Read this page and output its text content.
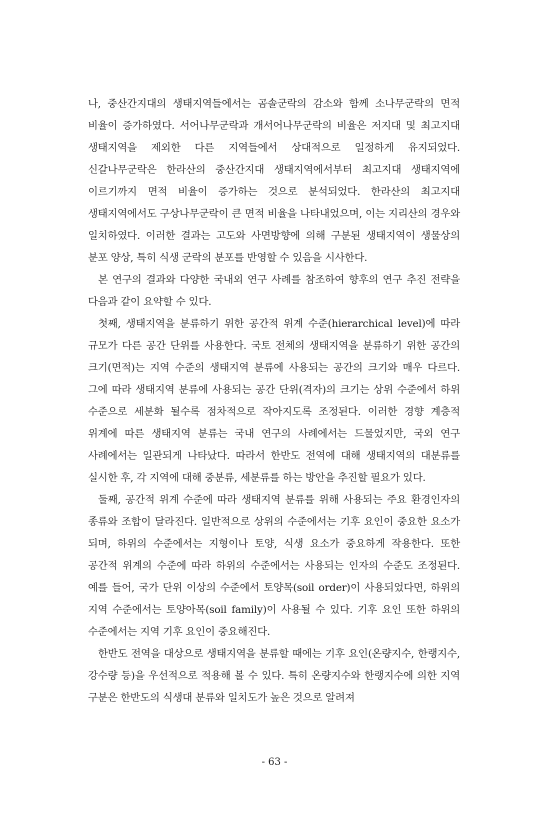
나, 중산간지대의 생태지역들에서는 곰솔군락의 감소와 함께 소나무군락의 면적 비율이 증가하였다. 서어나무군락과 개서어나무군락의 비율은 저지대 및 최고지대 생태지역을 제외한 다른 지역들에서 상대적으로 일정하게 유지되었다. 신갈나무군락은 한라산의 중산간지대 생태지역에서부터 최고지대 생태지역에 이르기까지 면적 비율이 증가하는 것으로 분석되었다. 한라산의 최고지대 생태지역에서도 구상나무군락이 큰 면적 비율을 나타내었으며, 이는 지리산의 경우와 일치하였다. 이러한 결과는 고도와 사면방향에 의해 구분된 생태지역이 생물상의 분포 양상, 특히 식생 군락의 분포를 반영할 수 있음을 시사한다.

본 연구의 결과와 다양한 국내외 연구 사례를 참조하여 향후의 연구 추진 전략을 다음과 같이 요약할 수 있다.

첫째, 생태지역을 분류하기 위한 공간적 위계 수준(hierarchical level)에 따라 규모가 다른 공간 단위를 사용한다. 국토 전체의 생태지역을 분류하기 위한 공간의 크기(면적)는 지역 수준의 생태지역 분류에 사용되는 공간의 크기와 매우 다르다. 그에 따라 생태지역 분류에 사용되는 공간 단위(격자)의 크기는 상위 수준에서 하위 수준으로 세분화 될수록 점차적으로 작아지도록 조정된다. 이러한 경향 계층적 위계에 따른 생태지역 분류는 국내 연구의 사례에서는 드물었지만, 국외 연구 사례에서는 일관되게 나타났다. 따라서 한반도 전역에 대해 생태지역의 대분류를 실시한 후, 각 지역에 대해 중분류, 세분류를 하는 방안을 추진할 필요가 있다.

둘째, 공간적 위계 수준에 따라 생태지역 분류를 위해 사용되는 주요 환경인자의 종류와 조합이 달라진다. 일반적으로 상위의 수준에서는 기후 요인이 중요한 요소가 되며, 하위의 수준에서는 지형이나 토양, 식생 요소가 중요하게 작용한다. 또한 공간적 위계의 수준에 따라 하위의 수준에서는 사용되는 인자의 수준도 조정된다. 예를 들어, 국가 단위 이상의 수준에서 토양목(soil order)이 사용되었다면, 하위의 지역 수준에서는 토양아목(soil family)이 사용될 수 있다. 기후 요인 또한 하위의 수준에서는 지역 기후 요인이 중요해진다.

한반도 전역을 대상으로 생태지역을 분류할 때에는 기후 요인(온량지수, 한랭지수, 강수량 등)을 우선적으로 적용해 볼 수 있다. 특히 온량지수와 한랭지수에 의한 지역 구분은 한반도의 식생대 분류와 일치도가 높은 것으로 알려져

- 63 -
